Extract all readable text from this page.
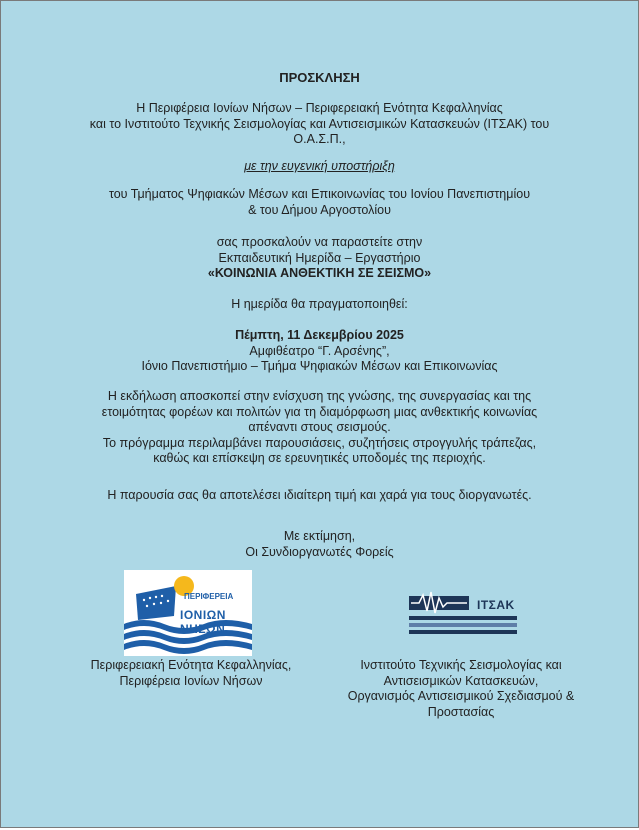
ΠΡΟΣΚΛΗΣΗ

Η Περιφέρεια Ιονίων Νήσων – Περιφερειακή Ενότητα Κεφαλληνίας

και το Ινστιτούτο Τεχνικής Σεισμολογίας και Αντισεισμικών Κατασκευών (ΙΤΣΑΚ) του

Ο.Α.Σ.Π.,

με την ευγενική υποστήριξη

του Τμήματος Ψηφιακών Μέσων και Επικοινωνίας του Ιονίου Πανεπιστημίου

& του Δήμου Αργοστολίου

σας προσκαλούν να παραστείτε στην

Εκπαιδευτική Ημερίδα – Εργαστήριο

«ΚΟΙΝΩΝΙΑ ΑΝΘΕΚΤΙΚΗ ΣΕ ΣΕΙΣΜΟ»

Η ημερίδα θα πραγματοποιηθεί:

Πέμπτη, 11 Δεκεμβρίου 2025

Αμφιθέατρο “Γ. Αρσένης”,

Ιόνιο Πανεπιστήμιο – Τμήμα Ψηφιακών Μέσων και Επικοινωνίας

Η εκδήλωση αποσκοπεί στην ενίσχυση της γνώσης, της συνεργασίας και της

ετοιμότητας φορέων και πολιτών για τη διαμόρφωση μιας ανθεκτικής κοινωνίας

απέναντι στους σεισμούς.

Το πρόγραμμα περιλαμβάνει παρουσιάσεις, συζητήσεις στρογγυλής τράπεζας,

καθώς και επίσκεψη σε ερευνητικές υποδομές της περιοχής.

Η παρουσία σας θα αποτελέσει ιδιαίτερη τιμή και χαρά για τους διοργανωτές.

Με εκτίμηση,

Οι Συνδιοργανωτές Φορείς

ΠΕΡΙΦΕΡΕΙΑ
ΙΟΝΙΩΝ
ΝΗΣΩΝ
ΙΤΣΑΚ

Περιφερειακή Ενότητα Κεφαλληνίας,

Περιφέρεια Ιονίων Νήσων

Ινστιτούτο Τεχνικής Σεισμολογίας και

Αντισεισμικών Κατασκευών,

Οργανισμός Αντισεισμικού Σχεδιασμού &

Προστασίας
